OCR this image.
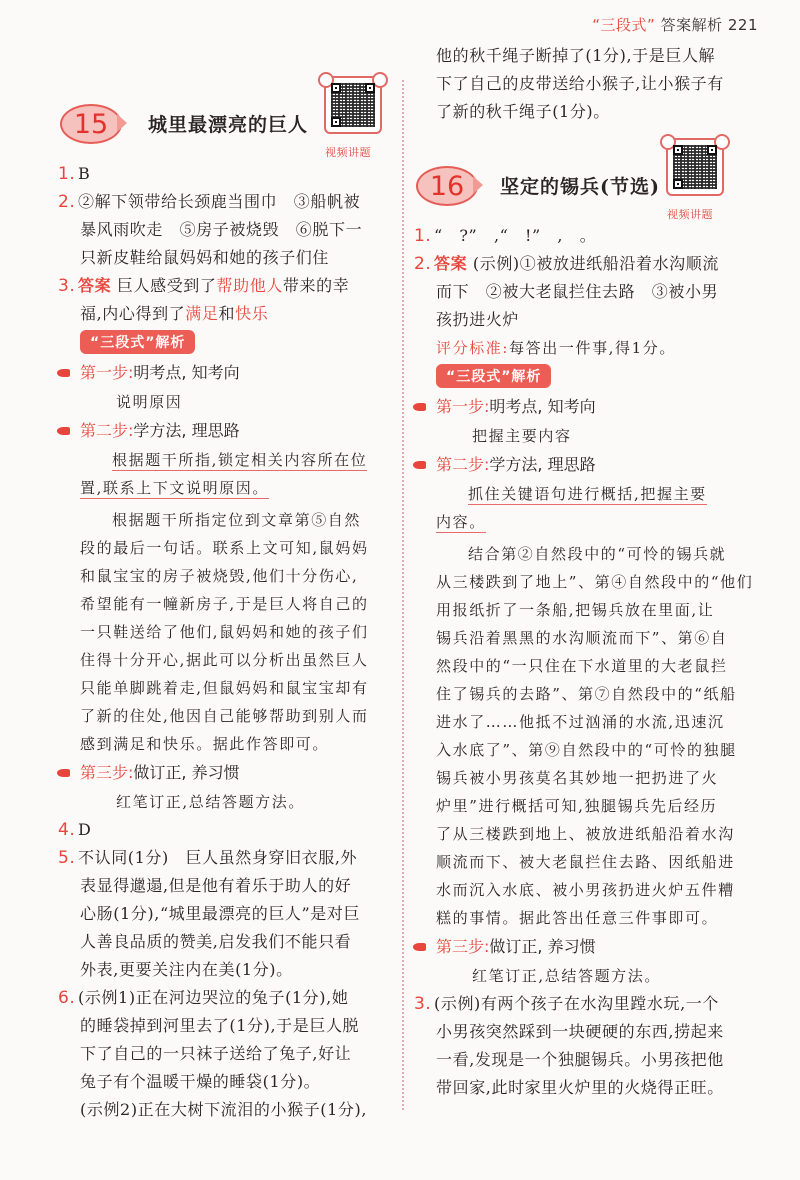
“三段式” 答案解析 221
15 城里最漂亮的巨人
视频讲题
1. B
2. ②解下领带给长颈鹿当围巾　③船帆被
暴风雨吹走　⑤房子被烧毁　⑥脱下一
只新皮鞋给鼠妈妈和她的孩子们住
3. 答案 巨人感受到了帮助他人带来的幸
福,内心得到了满足和快乐
“三段式”解析
第一步:明考点, 知考向
说明原因
第二步:学方法, 理思路
根据题干所指,锁定相关内容所在位
置,联系上下文说明原因。
根据题干所指定位到文章第⑤自然
段的最后一句话。联系上文可知,鼠妈妈
和鼠宝宝的房子被烧毁,他们十分伤心,
希望能有一幢新房子,于是巨人将自己的
一只鞋送给了他们,鼠妈妈和她的孩子们
住得十分开心,据此可以分析出虽然巨人
只能单脚跳着走,但鼠妈妈和鼠宝宝却有
了新的住处,他因自己能够帮助到别人而
感到满足和快乐。据此作答即可。
第三步:做订正, 养习惯
红笔订正,总结答题方法。
4. D
5. 不认同(1分)　巨人虽然身穿旧衣服,外
表显得邋遢,但是他有着乐于助人的好
心肠(1分),“城里最漂亮的巨人”是对巨
人善良品质的赞美,启发我们不能只看
外表,更要关注内在美(1分)。
6. (示例1)正在河边哭泣的兔子(1分),她
的睡袋掉到河里去了(1分),于是巨人脱
下了自己的一只袜子送给了兔子,好让
兔子有个温暖干燥的睡袋(1分)。
(示例2)正在大树下流泪的小猴子(1分),
他的秋千绳子断掉了(1分),于是巨人解
下了自己的皮带送给小猴子,让小猴子有
了新的秋千绳子(1分)。
16 坚定的锡兵(节选)
视频讲题
1. “　?”　,“　!”　,　。
2. 答案 (示例)①被放进纸船沿着水沟顺流
而下　②被大老鼠拦住去路　③被小男
孩扔进火炉
评分标准:每答出一件事,得1分。
“三段式”解析
第一步:明考点, 知考向
把握主要内容
第二步:学方法, 理思路
抓住关键语句进行概括,把握主要
内容。
结合第②自然段中的“可怜的锡兵就
从三楼跌到了地上”、第④自然段中的“他们
用报纸折了一条船,把锡兵放在里面,让
锡兵沿着黑黑的水沟顺流而下”、第⑥自
然段中的“一只住在下水道里的大老鼠拦
住了锡兵的去路”、第⑦自然段中的“纸船
进水了……他抵不过汹涌的水流,迅速沉
入水底了”、第⑨自然段中的“可怜的独腿
锡兵被小男孩莫名其妙地一把扔进了火
炉里”进行概括可知,独腿锡兵先后经历
了从三楼跌到地上、被放进纸船沿着水沟
顺流而下、被大老鼠拦住去路、因纸船进
水而沉入水底、被小男孩扔进火炉五件糟
糕的事情。据此答出任意三件事即可。
第三步:做订正, 养习惯
红笔订正,总结答题方法。
3. (示例)有两个孩子在水沟里蹚水玩,一个
小男孩突然踩到一块硬硬的东西,捞起来
一看,发现是一个独腿锡兵。小男孩把他
带回家,此时家里火炉里的火烧得正旺。
